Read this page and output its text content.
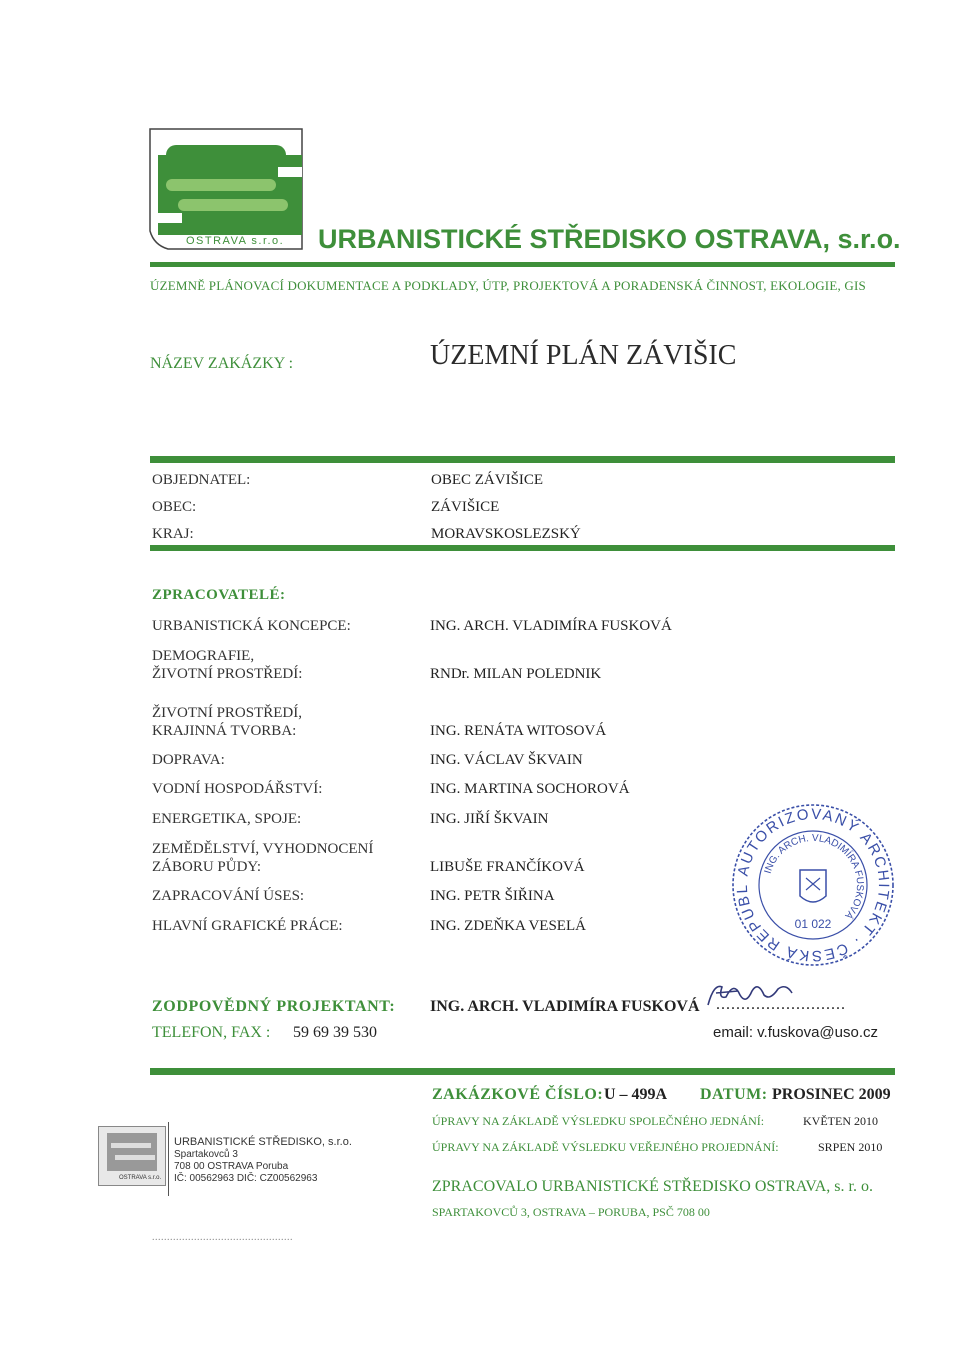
OSTRAVA s.r.o. URBANISTICKÉ STŘEDISKO OSTRAVA, s.r.o.
ÚZEMNĚ PLÁNOVACÍ DOKUMENTACE A PODKLADY, ÚTP, PROJEKTOVÁ A PORADENSKÁ ČINNOST, EKOLOGIE, GIS
NÁZEV ZAKÁZKY :	ÚZEMNÍ PLÁN ZÁVIŠIC
OBJEDNATEL:	OBEC ZÁVIŠICE
OBEC:	ZÁVIŠICE
KRAJ:	MORAVSKOSLEZSKÝ
ZPRACOVATELÉ:
URBANISTICKÁ KONCEPCE:	ING. ARCH. VLADIMÍRA FUSKOVÁ
DEMOGRAFIE,
ŽIVOTNÍ PROSTŘEDÍ:	RNDr. MILAN POLEDNIK
ŽIVOTNÍ PROSTŘEDÍ,
KRAJINNÁ TVORBA:	ING. RENÁTA WITOSOVÁ
DOPRAVA:	ING. VÁCLAV ŠKVAIN
VODNÍ HOSPODÁŘSTVÍ:	ING. MARTINA SOCHOROVÁ
ENERGETIKA, SPOJE:	ING. JIŘÍ ŠKVAIN
ZEMĚDĚLSTVÍ, VYHODNOCENÍ
ZÁBORU PŮDY:	LIBUŠE FRANČÍKOVÁ
ZAPRACOVÁNÍ ÚSES:	ING. PETR ŠIŘINA
HLAVNÍ GRAFICKÉ PRÁCE:	ING. ZDEŇKA VESELÁ
AUTORIZOVANÝ ARCHITEKT · ČESKÁ REPUBL
ING. ARCH. VLADIMÍRA FUSKOVÁ
01 022
ZODPOVĚDNÝ PROJEKTANT: ING. ARCH. VLADIMÍRA FUSKOVÁ ..........................
TELEFON, FAX : 59 69 39 530	email: v.fuskova@uso.cz
ZAKÁZKOVÉ ČÍSLO: U – 499A DATUM: PROSINEC 2009
ÚPRAVY NA ZÁKLADĚ VÝSLEDKU SPOLEČNÉHO JEDNÁNÍ:	KVĚTEN 2010
ÚPRAVY NA ZÁKLADĚ VÝSLEDKU VEŘEJNÉHO PROJEDNÁNÍ:	SRPEN 2010
ZPRACOVALO URBANISTICKÉ STŘEDISKO OSTRAVA, s. r. o.
SPARTAKOVCŮ 3, OSTRAVA – PORUBA, PSČ 708 00
OSTRAVA s.r.o.
URBANISTICKÉ STŘEDISKO, s.r.o.
Spartakovců 3
708 00 OSTRAVA Poruba
IČ: 00562963 DIČ: CZ00562963
...............................................
